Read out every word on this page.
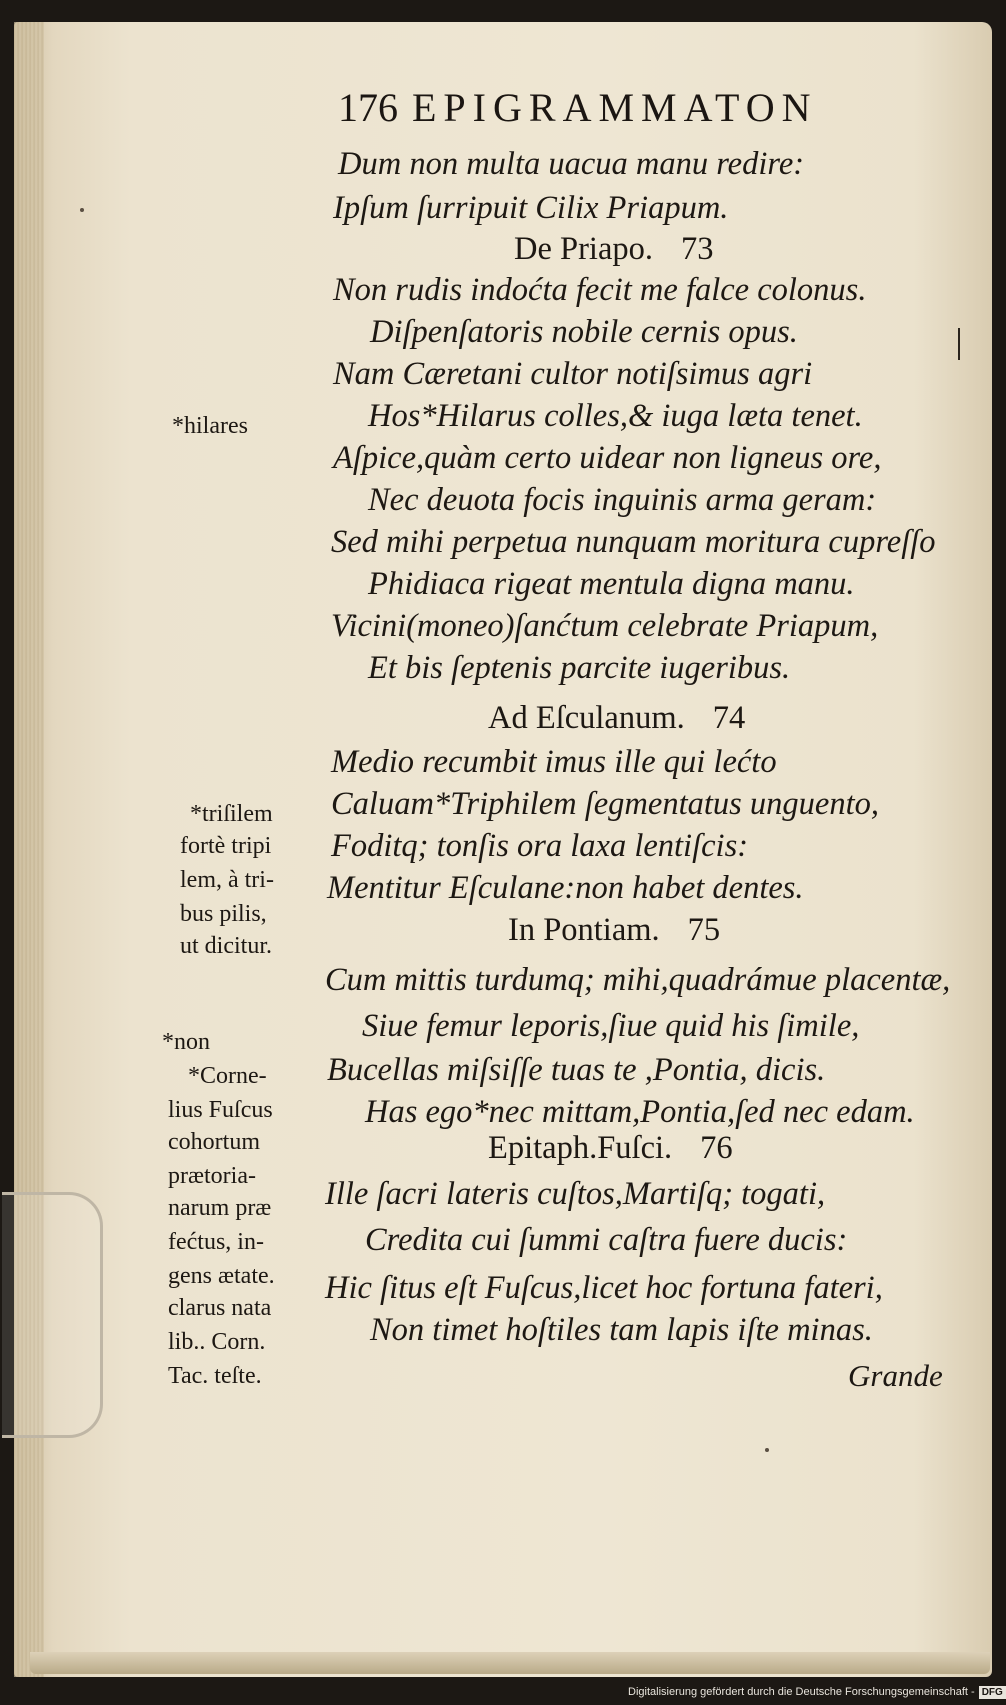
176 EPIGRAMMATON
Dum non multa uacua manu redire:
Ipſum ſurripuit Cilix Priapum.
De Priapo. 73
Non rudis indoćta fecit me falce colonus.
Diſpenſatoris nobile cernis opus.
Nam Cæretani cultor notiſsimus agri
Hos*Hilarus colles,& iuga læta tenet.
Aſpice,quàm certo uidear non ligneus ore,
Nec deuota focis inguinis arma geram:
Sed mihi perpetua nunquam moritura cupreſſo
Phidiaca rigeat mentula digna manu.
Vicini(moneo)ſanćtum celebrate Priapum,
Et bis ſeptenis parcite iugeribus.
Ad Eſculanum. 74
Medio recumbit imus ille qui lećto
Caluam*Triphilem ſegmentatus unguento,
Foditq; tonſis ora laxa lentiſcis:
Mentitur Eſculane:non habet dentes.
In Pontiam. 75
Cum mittis turdumq; mihi,quadrámue placentæ,
Siue femur leporis,ſiue quid his ſimile,
Bucellas miſsiſſe tuas te ,Pontia, dicis.
Has ego*nec mittam,Pontia,ſed nec edam.
Epitaph.Fuſci. 76
Ille ſacri lateris cuſtos,Martiſq; togati,
Credita cui ſummi caſtra fuere ducis:
Hic ſitus eſt Fuſcus,licet hoc fortuna fateri,
Non timet hoſtiles tam lapis iſte minas.
Grande
*hilares
*triſilem
fortè tripi
lem, à tri-
bus pilis,
ut dicitur.
*non
*Corne-
lius Fuſcus
cohortum
prætoria-
narum præ
fećtus, in-
gens ætate.
clarus nata
lib.. Corn.
Tac. teſte.
Digitalisierung gefördert durch die Deutsche Forschungsgemeinschaft - DFG
